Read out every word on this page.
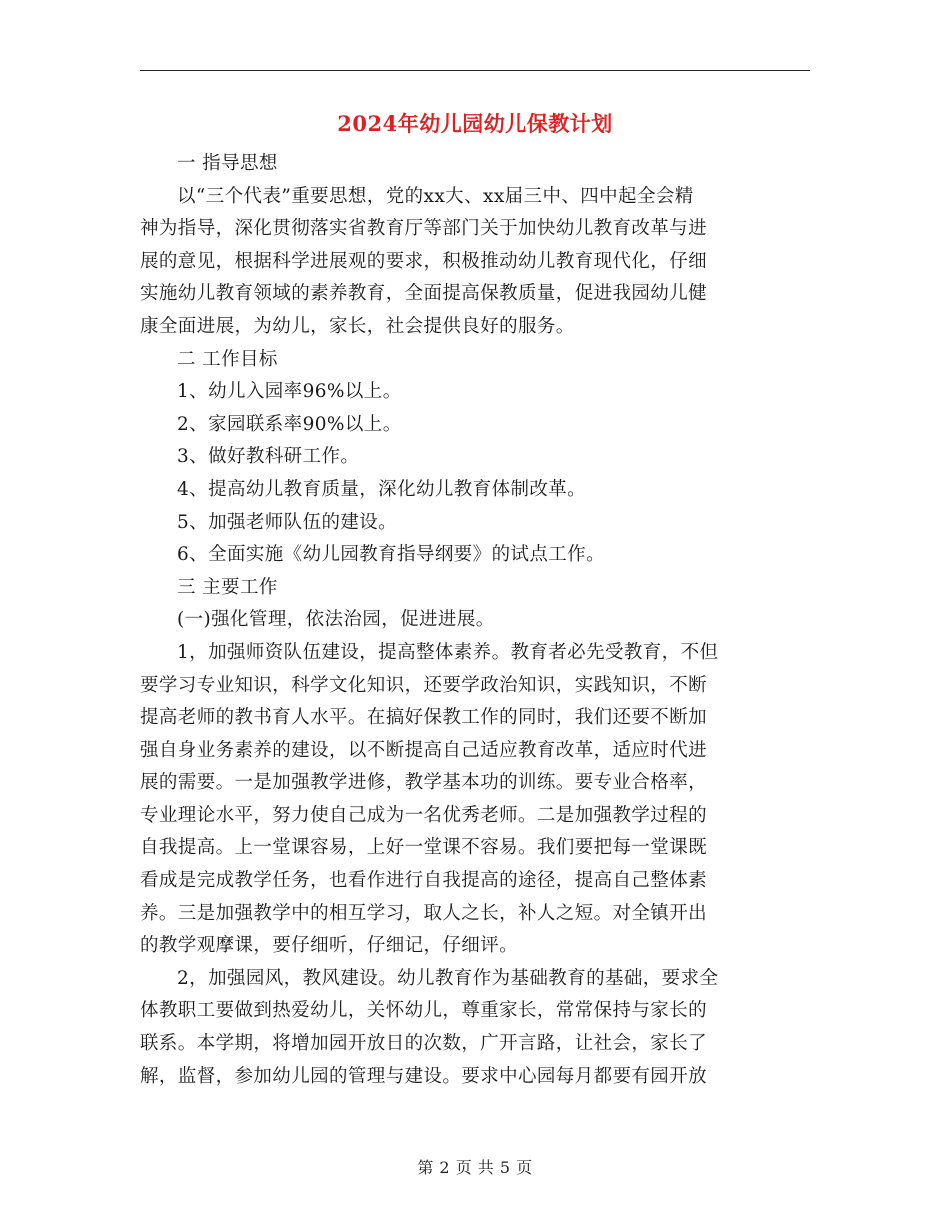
2024年幼儿园幼儿保教计划

一 指导思想

以“三个代表”重要思想，党的xx大、xx届三中、四中起全会精

神为指导，深化贯彻落实省教育厅等部门关于加快幼儿教育改革与进

展的意见，根据科学进展观的要求，积极推动幼儿教育现代化，仔细

实施幼儿教育领域的素养教育，全面提高保教质量，促进我园幼儿健

康全面进展，为幼儿，家长，社会提供良好的服务。

二 工作目标

1、幼儿入园率96%以上。

2、家园联系率90%以上。

3、做好教科研工作。

4、提高幼儿教育质量，深化幼儿教育体制改革。

5、加强老师队伍的建设。

6、全面实施《幼儿园教育指导纲要》的试点工作。

三 主要工作

(一)强化管理，依法治园，促进进展。

1，加强师资队伍建设，提高整体素养。教育者必先受教育，不但

要学习专业知识，科学文化知识，还要学政治知识，实践知识，不断

提高老师的教书育人水平。在搞好保教工作的同时，我们还要不断加

强自身业务素养的建设，以不断提高自己适应教育改革，适应时代进

展的需要。一是加强教学进修，教学基本功的训练。要专业合格率，

专业理论水平，努力使自己成为一名优秀老师。二是加强教学过程的

自我提高。上一堂课容易，上好一堂课不容易。我们要把每一堂课既

看成是完成教学任务，也看作进行自我提高的途径，提高自己整体素

养。三是加强教学中的相互学习，取人之长，补人之短。对全镇开出

的教学观摩课，要仔细听，仔细记，仔细评。

2，加强园风，教风建设。幼儿教育作为基础教育的基础，要求全

体教职工要做到热爱幼儿，关怀幼儿，尊重家长，常常保持与家长的

联系。本学期，将增加园开放日的次数，广开言路，让社会，家长了

解，监督，参加幼儿园的管理与建设。要求中心园每月都要有园开放

第 2 页 共 5 页
